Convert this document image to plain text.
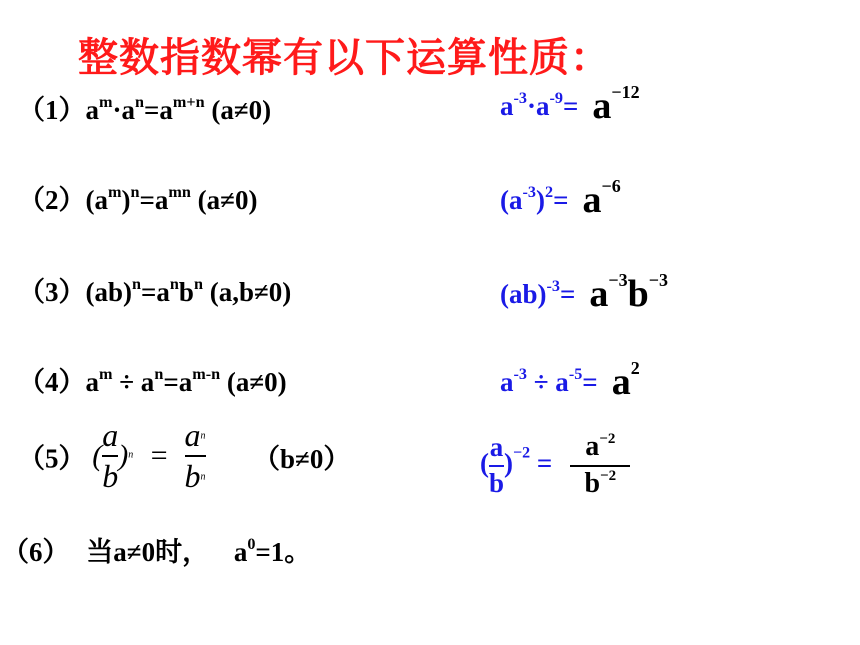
整数指数幂有以下运算性质：
$(1)a^m\cdot a^n=a^{m+n}$ (a≠0)
$(2)(a^m)^n=a^{mn}$ (a≠0)
$(3)(ab)^n=a^nb^n$ (a,b≠0)
$(4)a^m \div a^n=a^{m-n}$ (a≠0)
（5） ( $\frac{a}{b} )^n = \frac{a^n}{b^n} (b\ne 0)$
（6） 当a≠0时， $a^0=1$。
$a^{-3}\cdot a^{-9}= a^{-12}$
$(a^{-3})^2= a^{-6}$
$(ab)^{-3}= a^{-3}b^{-3}$
$a^{-3} \div a^{-5}= a^2$
( $\frac{a}{b} )^{-2} = \frac{a^{-2}}{b^{-2}}$
